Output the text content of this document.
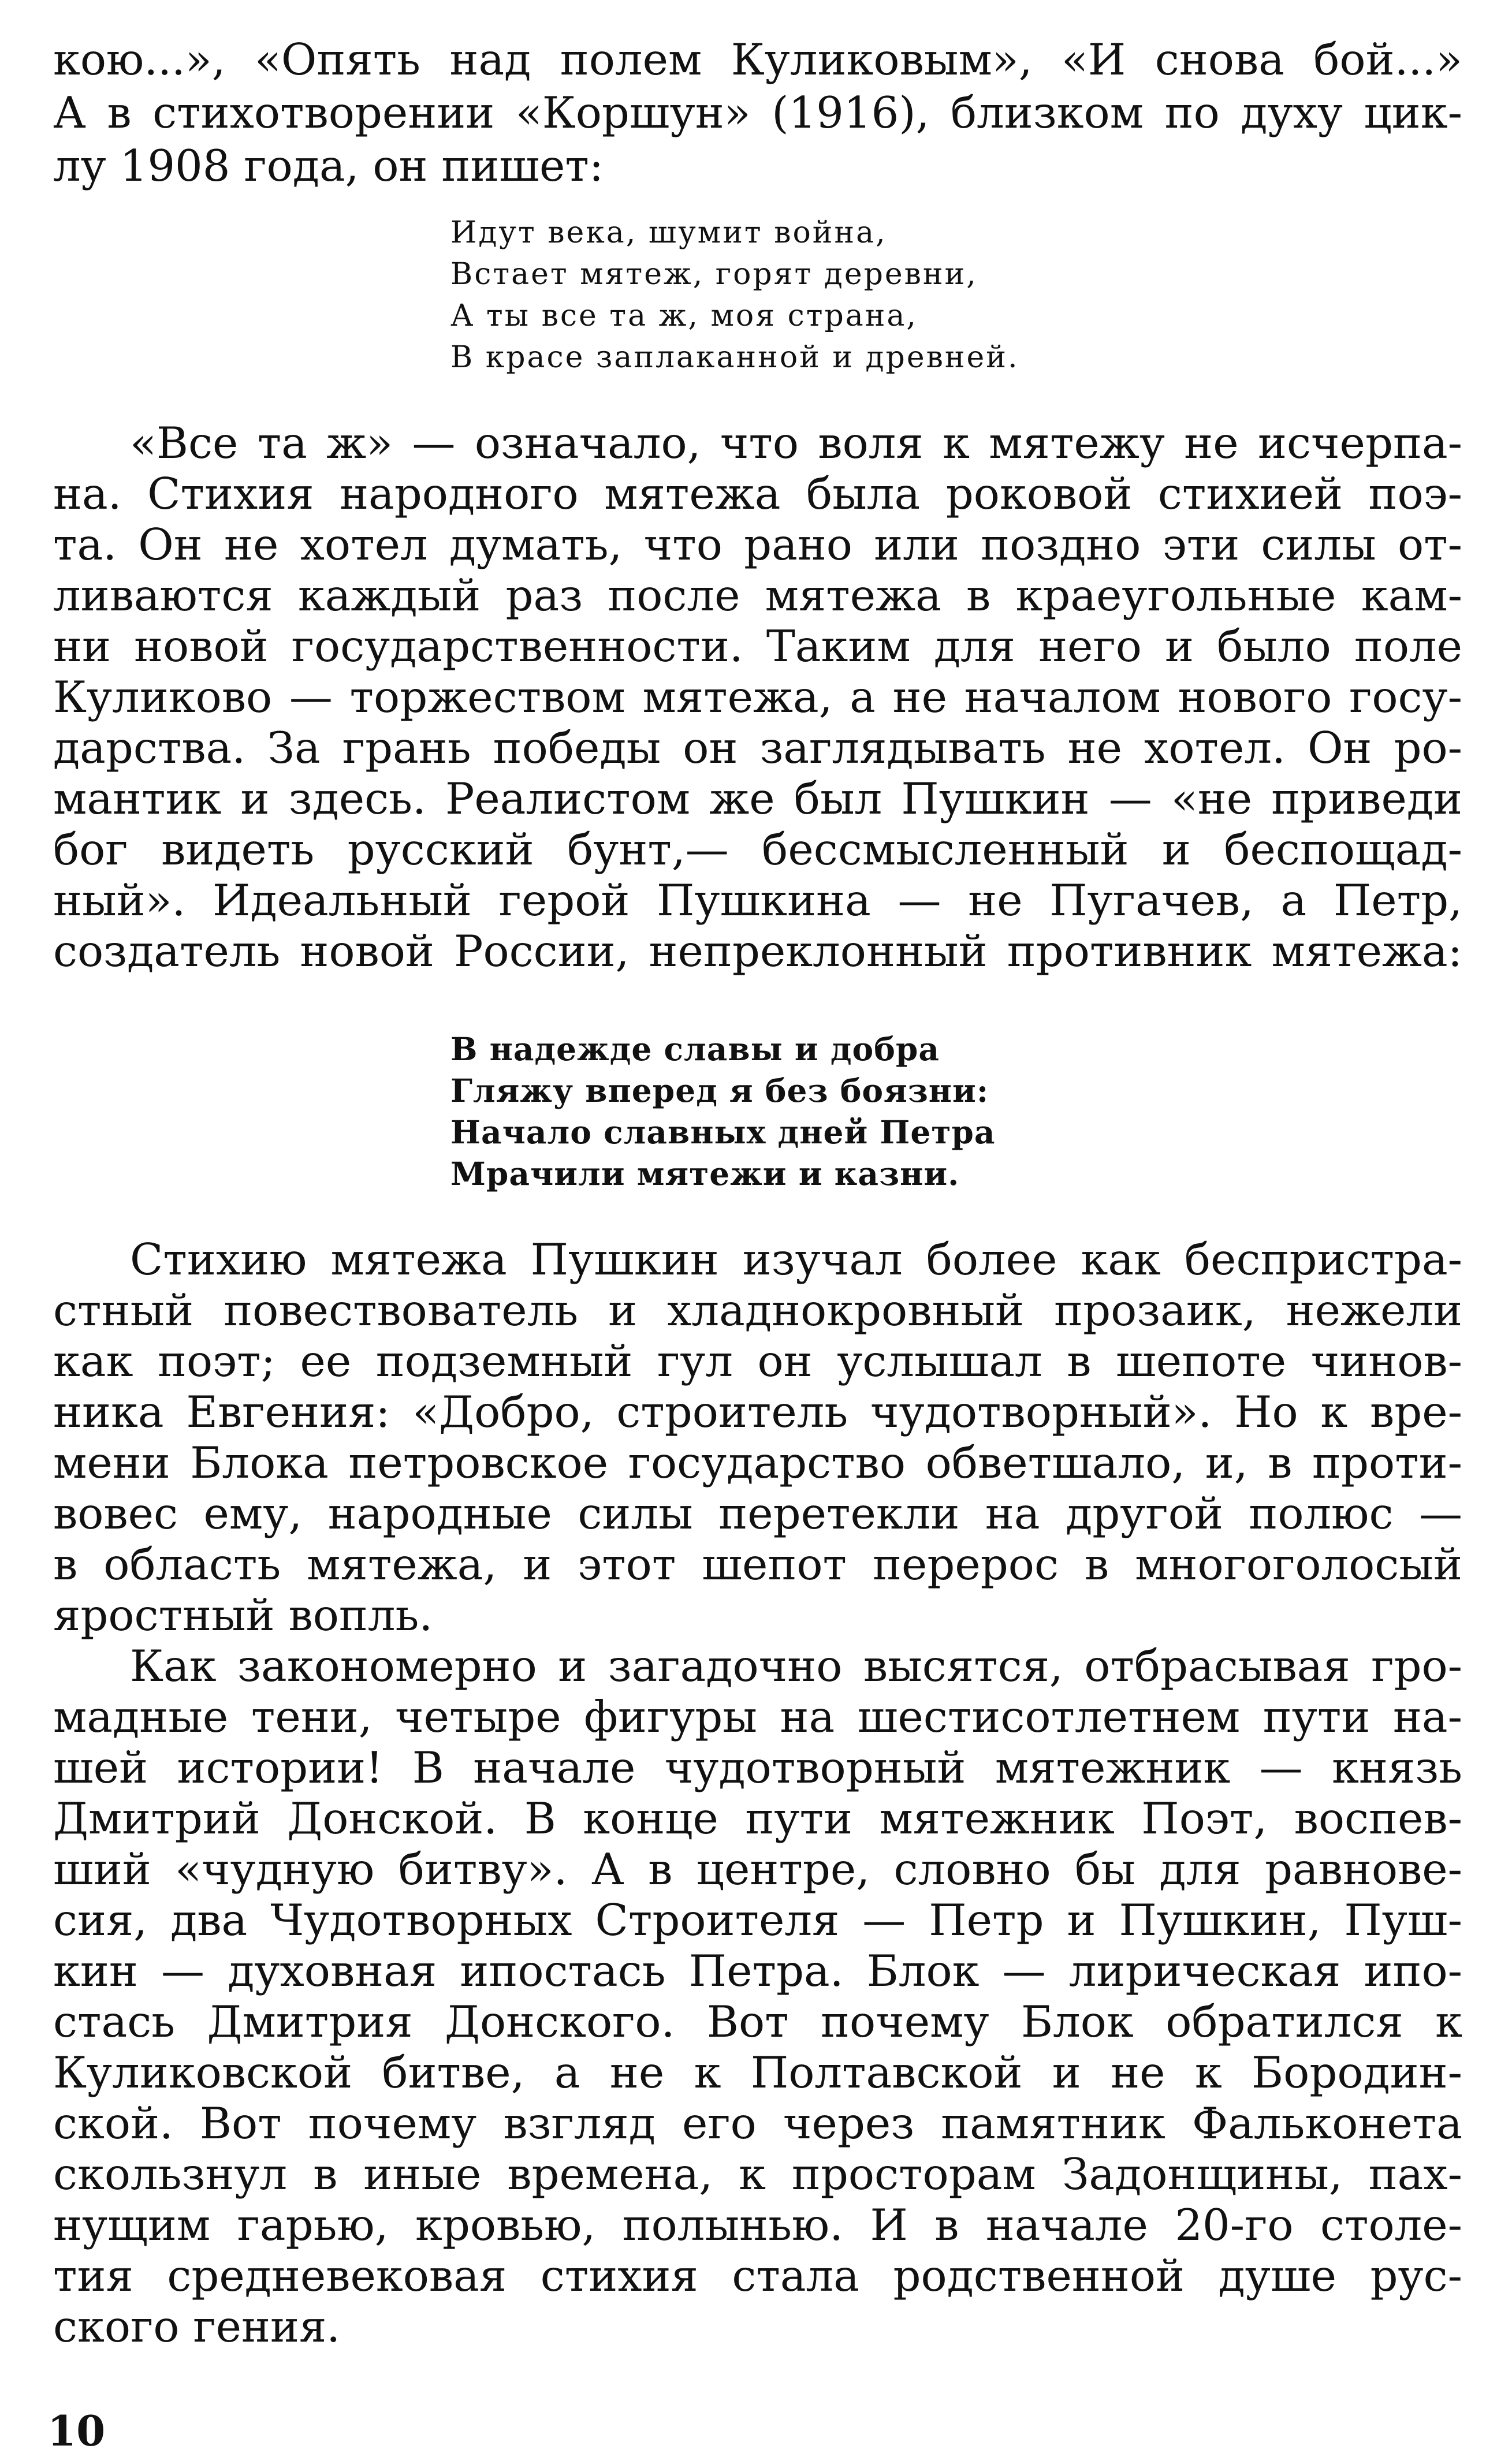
кою...», «Опять над полем Куликовым», «И снова бой...»
А в стихотворении «Коршун» (1916), близком по духу цик-
лу 1908 года, он пишет:
Идут века, шумит война,
Встает мятеж, горят деревни,
А ты все та ж, моя страна,
В красе заплаканной и древней.
«Все та ж» — означало, что воля к мятежу не исчерпа-
на. Стихия народного мятежа была роковой стихией поэ-
та. Он не хотел думать, что рано или поздно эти силы от-
ливаются каждый раз после мятежа в краеугольные кам-
ни новой государственности. Таким для него и было поле
Куликово — торжеством мятежа, а не началом нового госу-
дарства. За грань победы он заглядывать не хотел. Он ро-
мантик и здесь. Реалистом же был Пушкин — «не приведи
бог видеть русский бунт,— бессмысленный и беспощад-
ный». Идеальный герой Пушкина — не Пугачев, а Петр,
создатель новой России, непреклонный противник мятежа:
В надежде славы и добра
Гляжу вперед я без боязни:
Начало славных дней Петра
Мрачили мятежи и казни.
Стихию мятежа Пушкин изучал более как беспристра-
стный повествователь и хладнокровный прозаик, нежели
как поэт; ее подземный гул он услышал в шепоте чинов-
ника Евгения: «Добро, строитель чудотворный». Но к вре-
мени Блока петровское государство обветшало, и, в проти-
вовес ему, народные силы перетекли на другой полюс —
в область мятежа, и этот шепот перерос в многоголосый
яростный вопль.
Как закономерно и загадочно высятся, отбрасывая гро-
мадные тени, четыре фигуры на шестисотлетнем пути на-
шей истории! В начале чудотворный мятежник — князь
Дмитрий Донской. В конце пути мятежник Поэт, воспев-
ший «чудную битву». А в центре, словно бы для равнове-
сия, два Чудотворных Строителя — Петр и Пушкин, Пуш-
кин — духовная ипостась Петра. Блок — лирическая ипо-
стась Дмитрия Донского. Вот почему Блок обратился к
Куликовской битве, а не к Полтавской и не к Бородин-
ской. Вот почему взгляд его через памятник Фальконета
скользнул в иные времена, к просторам Задонщины, пах-
нущим гарью, кровью, полынью. И в начале 20-го столе-
тия средневековая стихия стала родственной душе рус-
ского гения.
10
